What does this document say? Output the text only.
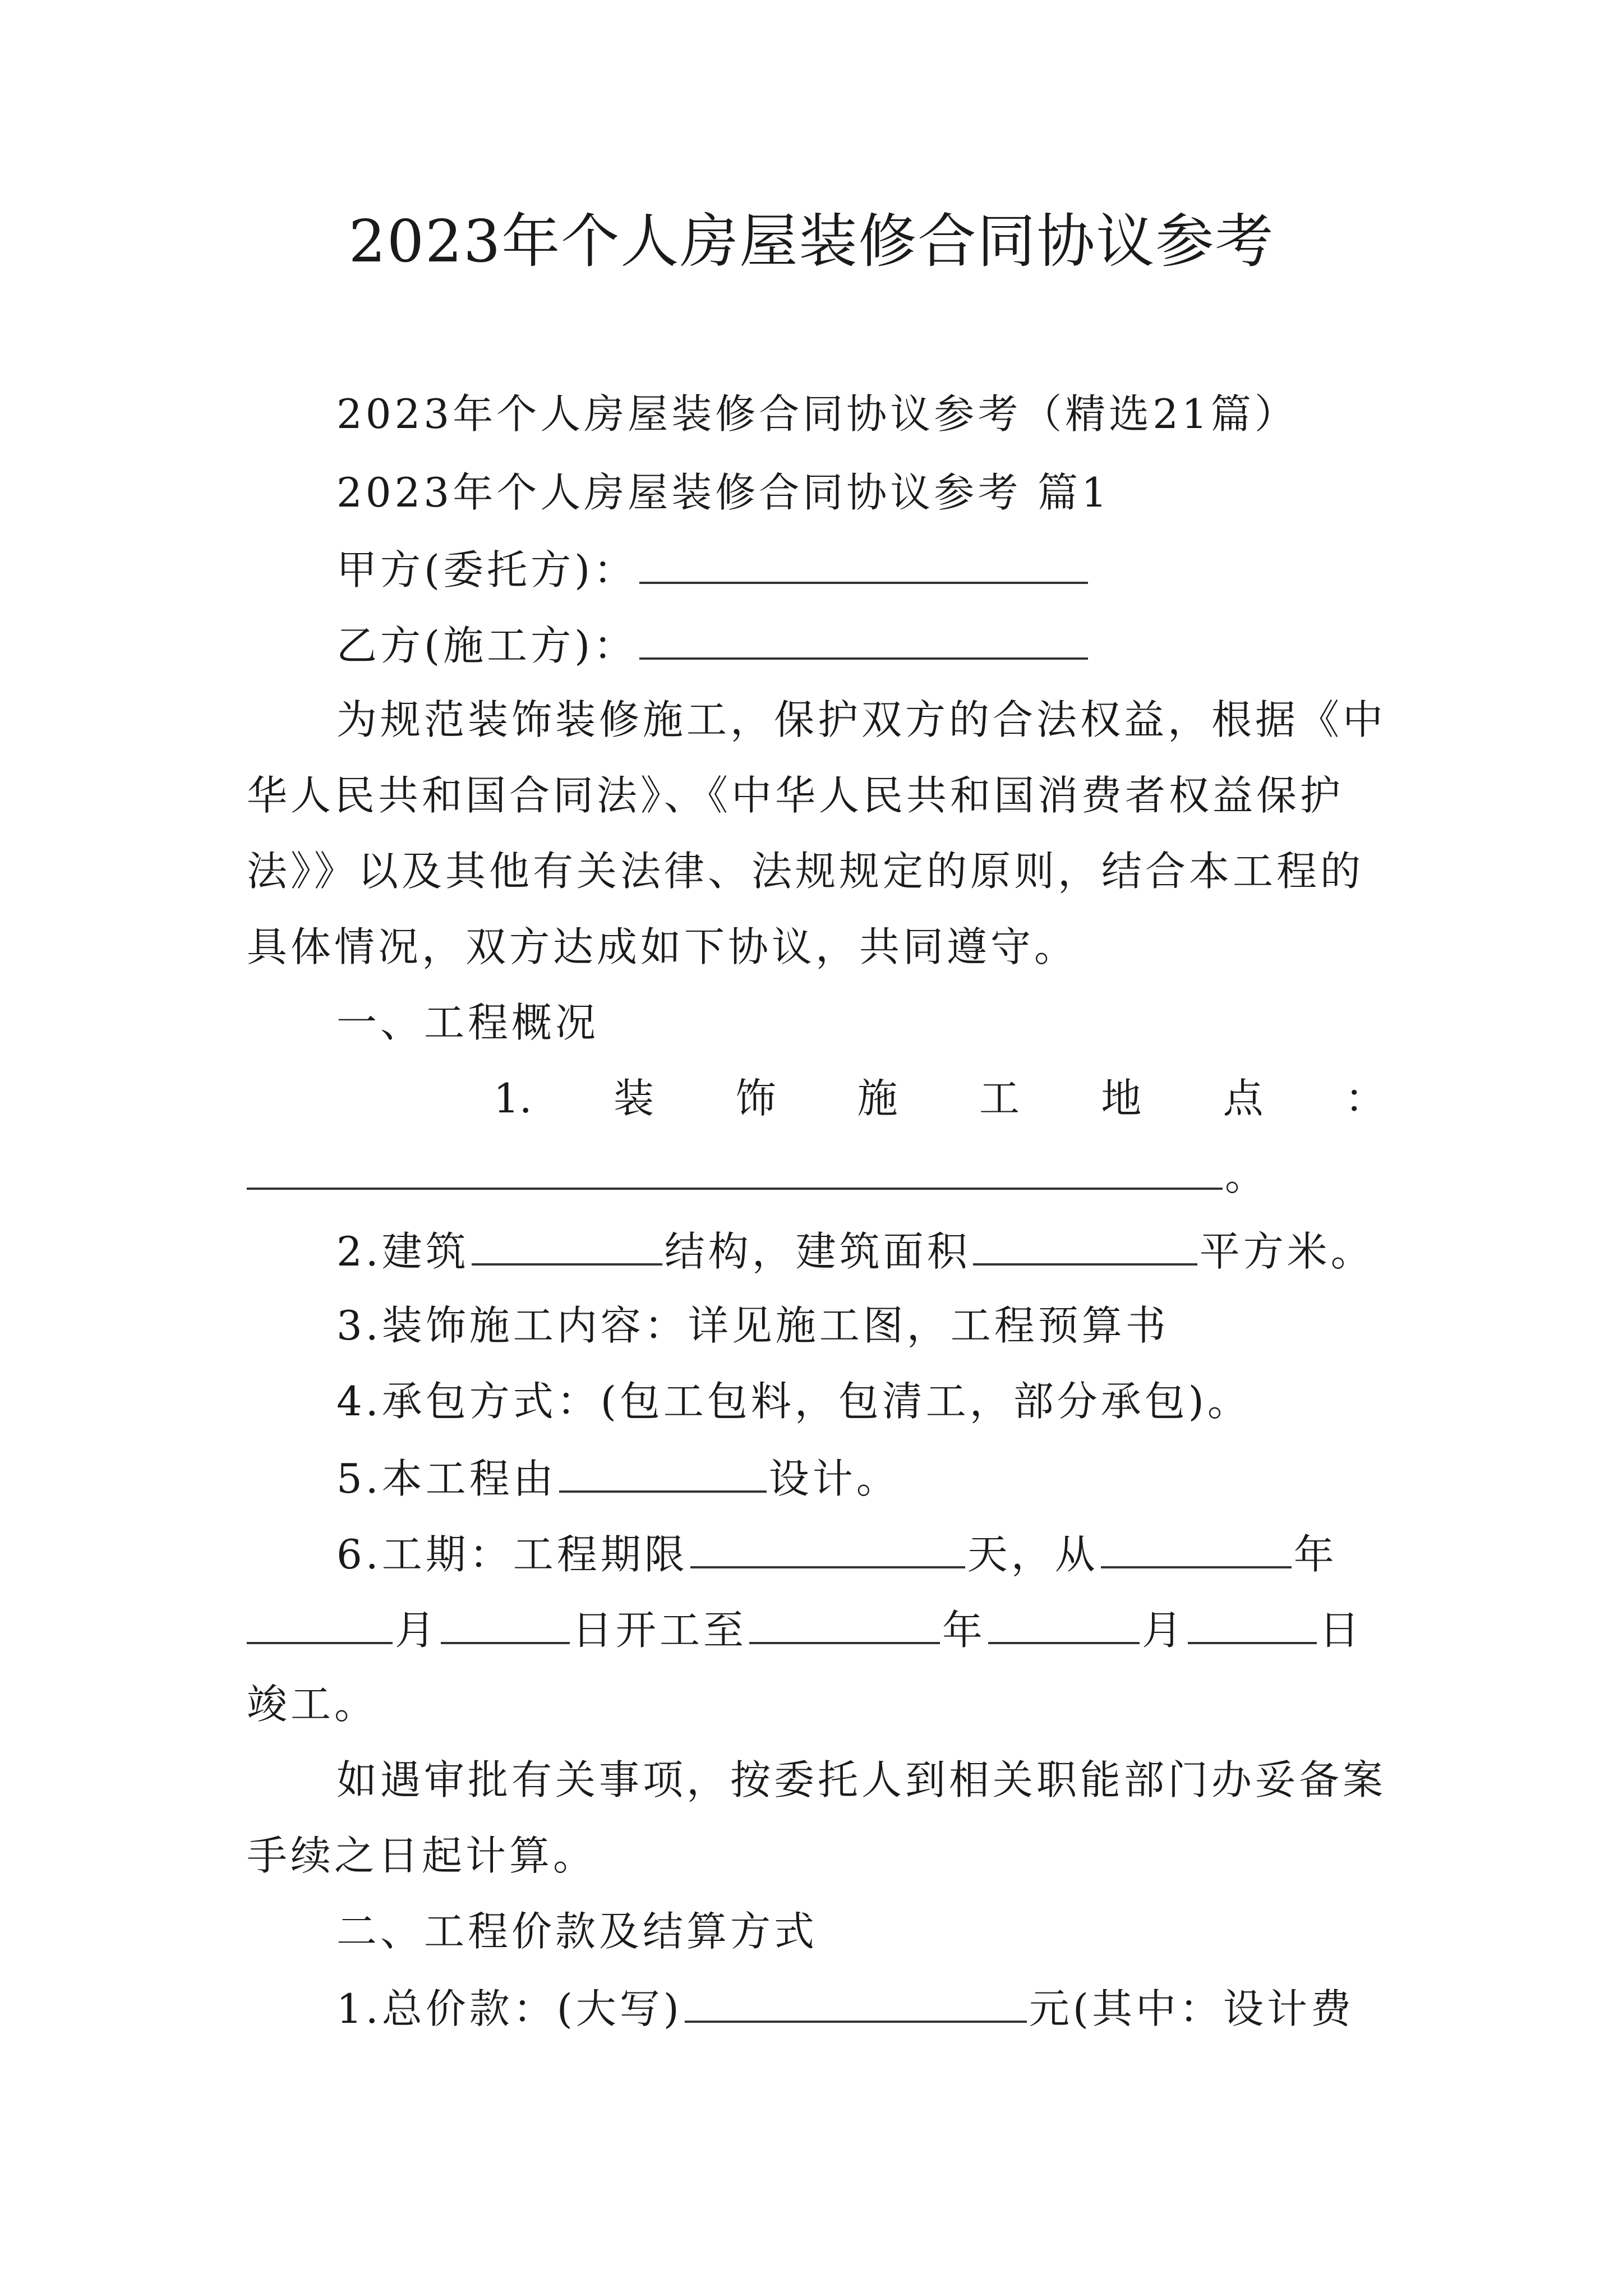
2023年个人房屋装修合同协议参考
2023年个人房屋装修合同协议参考（精选21篇）
2023年个人房屋装修合同协议参考 篇1
甲方(委托方)：
乙方(施工方)：
为规范装饰装修施工，保护双方的合法权益，根据《中
华人民共和国合同法》、《中华人民共和国消费者权益保护
法》》以及其他有关法律、法规规定的原则，结合本工程的
具体情况，双方达成如下协议，共同遵守。
一、工程概况
1. 装 饰 施 工 地 点 ：
。
2.建筑	结构，建筑面积	平方米。
3.装饰施工内容：详见施工图，工程预算书
4.承包方式：(包工包料，包清工，部分承包)。
5.本工程由	设计。
6.工期：工程期限	天，从	年
月	日开工至	年	月	日
竣工。
如遇审批有关事项，按委托人到相关职能部门办妥备案
手续之日起计算。
二、工程价款及结算方式
1.总价款：(大写)	元(其中：设计费
